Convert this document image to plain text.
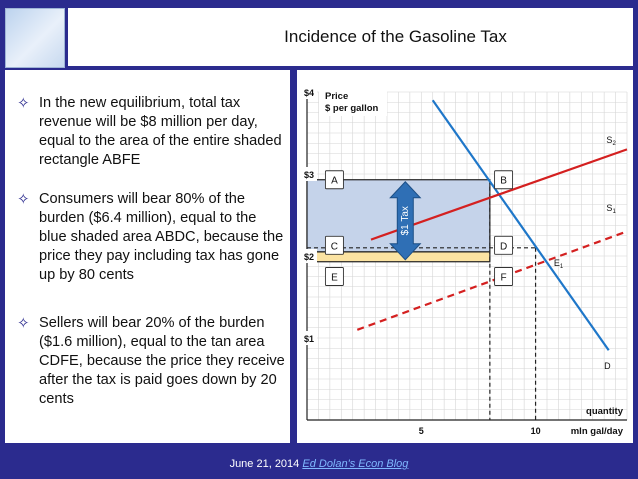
Incidence of the Gasoline Tax
✧ In the new equilibrium, total tax revenue will be $8 million per day, equal to the area of the entire shaded rectangle ABFE
✧ Consumers will bear 80% of the burden ($6.4 million), equal to the blue shaded area ABDC, because the price they pay including tax has gone up by 80 cents
✧ Sellers will bear 20% of the burden ($1.6 million), equal to the tan area CDFE, because the price they receive after the tax is paid goes down by 20 cents
$1 Tax
A	B
C	D
E	F
$S_2$
$S_1$
D
$E_1$
$1
$2
$3
$4
5	10
Price
$ per gallon
quantity
mln gal/day
June 21, 2014 Ed Dolan's Econ Blog
